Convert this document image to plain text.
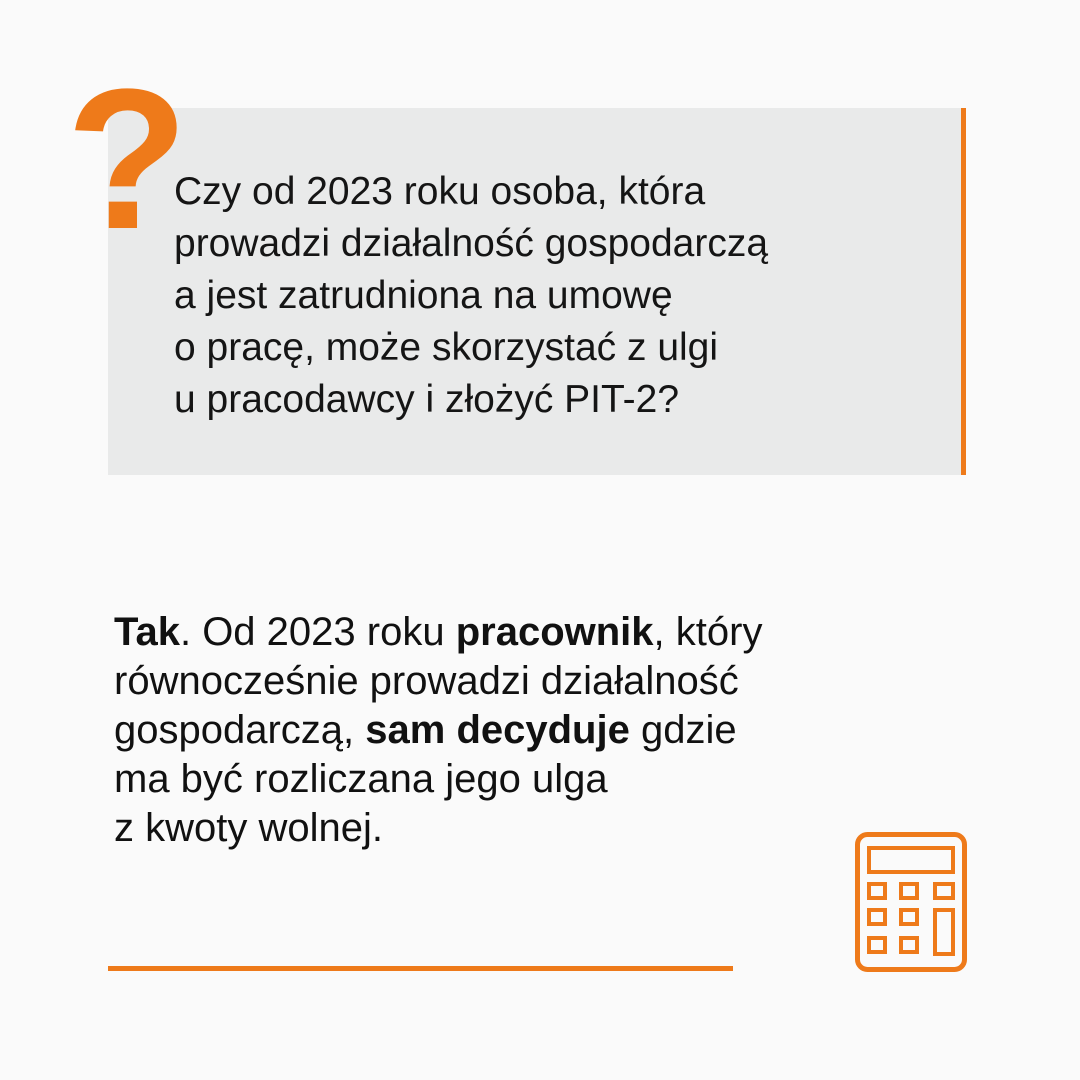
?

Czy od 2023 roku osoba, która
prowadzi działalność gospodarczą
a jest zatrudniona na umowę
o pracę, może skorzystać z ulgi
u pracodawcy i złożyć PIT-2?

Tak. Od 2023 roku pracownik, który
równocześnie prowadzi działalność
gospodarczą, sam decyduje gdzie
ma być rozliczana jego ulga
z kwoty wolnej.
